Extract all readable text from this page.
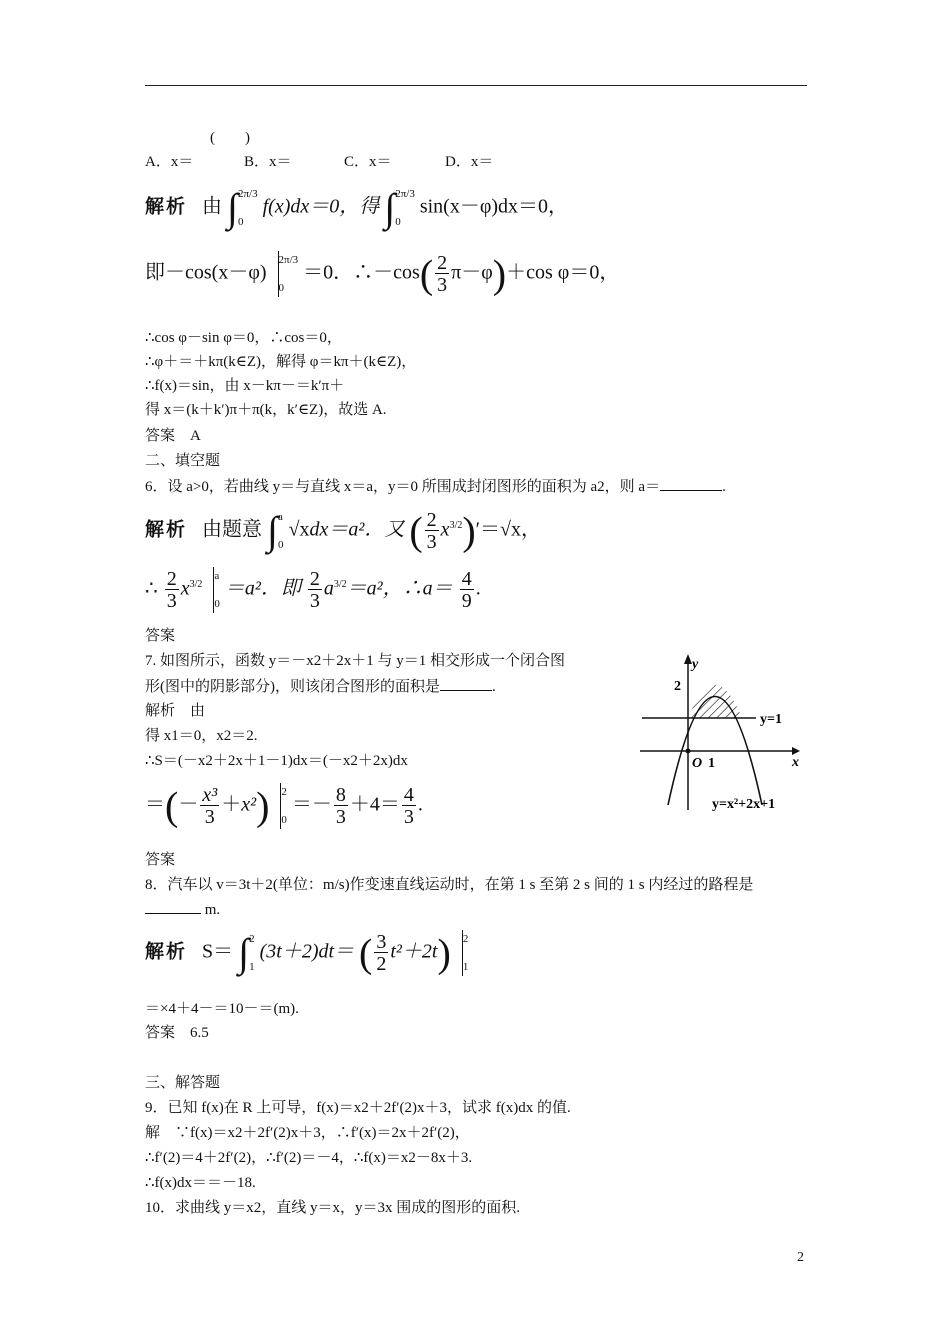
(　　)
A．x＝	B．x＝	C．x＝	D．x＝
解析 由 ∫ 2π/3
0
f(x)dx＝0，得 ∫ 2π/3
0
sin(x－φ)dx＝0，
即－cos(x－φ)
2π/3
0
＝0．∴－cos( $\frac{2}{3} \pi-\varphi)+\cos$ φ＝0，
∴cos φ－sin φ＝0，∴cos＝0，
∴φ＋＝＋kπ(k∈Z)，解得 φ＝kπ＋(k∈Z)，
∴f(x)＝sin，由 x－kπ－＝k′π＋
得 x＝(k＋k′)π＋π(k，k′∈Z)，故选 A.
答案　A
二、填空题
6．设 a>0，若曲线 y＝与直线 x＝a，y＝0 所围成封闭图形的面积为 a2，则 a＝	.
解析 由题意 ∫ a
0
√xdx＝a²．又 ( $\frac{2}{3} x^{3/2})'=√x$，
∴ $\frac{2}{3} x^{3/2}$
a
0
＝a²．即 $\frac{2}{3} a^{3/2}=a^2$，∴a＝ $\frac{4}{9}$ .
答案
7. 如图所示，函数 y＝－x2＋2x＋1 与 y＝1 相交形成一个闭合图
形(图中的阴影部分)，则该闭合图形的面积是	.
解析　由
得 x1＝0，x2＝2.
∴S＝(－x2＋2x＋1－1)dx＝(－x2＋2x)dx
＝(－ $\frac{\text{x³}}{3} +x^2$) 2
0
＝－ $\frac{8}{3} +4= \frac{4}{3}$ .
y
x
O 1
2
y=1
y=x²+2x+1
答案
8．汽车以 v＝3t＋2(单位：m/s)作变速直线运动时，在第 1 s 至第 2 s 间的 1 s 内经过的路程是
m.
解析 S＝ ∫ 2
1
(3t＋2)dt＝ ( $\frac{3}{2} t^2+2t$) 2
1
＝×4＋4－＝10－＝(m).
答案　6.5
三、解答题
9．已知 f(x)在 R 上可导，f(x)＝x2＋2f′(2)x＋3，试求 f(x)dx 的值.
解　∵f(x)＝x2＋2f′(2)x＋3，∴f′(x)＝2x＋2f′(2)，
∴f′(2)＝4＋2f′(2)，∴f′(2)＝－4，∴f(x)＝x2－8x＋3.
∴f(x)dx＝＝－18.
10．求曲线 y＝x2，直线 y＝x，y＝3x 围成的图形的面积.
2
